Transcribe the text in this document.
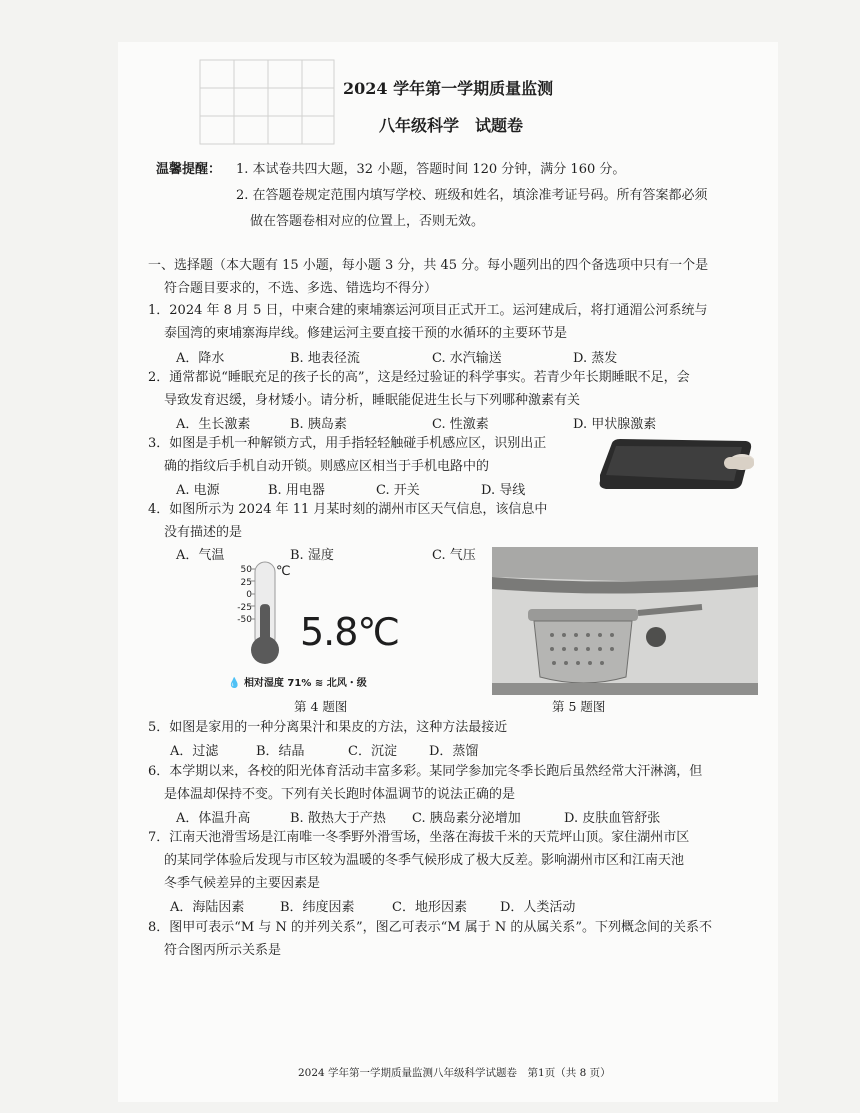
2024 学年第一学期质量监测
八年级科学　试题卷
温馨提醒： 1. 本试卷共四大题，32 小题，答题时间 120 分钟，满分 160 分。
2. 在答题卷规定范围内填写学校、班级和姓名，填涂准考证号码。所有答案都必须
做在答题卷相对应的位置上，否则无效。
一、选择题（本大题有 15 小题，每小题 3 分，共 45 分。每小题列出的四个备选项中只有一个是
符合题目要求的，不选、多选、错选均不得分）
1．2024 年 8 月 5 日，中柬合建的柬埔寨运河项目正式开工。运河建成后，将打通湄公河系统与
泰国湾的柬埔寨海岸线。修建运河主要直接干预的水循环的主要环节是
A．降水	B. 地表径流	C. 水汽输送	D. 蒸发
2．通常都说“睡眠充足的孩子长的高”，这是经过验证的科学事实。若青少年长期睡眠不足，会
导致发育迟缓，身材矮小。请分析，睡眠能促进生长与下列哪种激素有关
A．生长激素	B. 胰岛素	C. 性激素	D. 甲状腺激素
3．如图是手机一种解锁方式，用手指轻轻触碰手机感应区，识别出正
确的指纹后手机自动开锁。则感应区相当于手机电路中的
A. 电源	B. 用电器	C. 开关	D. 导线
4．如图所示为 2024 年 11 月某时刻的湖州市区天气信息，该信息中
没有描述的是
A．气温	B. 湿度	C. 气压
50
25
0
-25
-50
℃
5.8℃
💧 相对湿度 71% ≋ 北风・级
第 4 题图	第 5 题图
5．如图是家用的一种分离果汁和果皮的方法，这种方法最接近
A．过滤	B．结晶	C．沉淀 D．蒸馏
6．本学期以来，各校的阳光体育活动丰富多彩。某同学参加完冬季长跑后虽然经常大汗淋漓，但
是体温却保持不变。下列有关长跑时体温调节的说法正确的是
A．体温升高	B. 散热大于产热 C. 胰岛素分泌增加	D. 皮肤血管舒张
7．江南天池滑雪场是江南唯一冬季野外滑雪场，坐落在海拔千米的天荒坪山顶。家住湖州市区
的某同学体验后发现与市区较为温暖的冬季气候形成了极大反差。影响湖州市区和江南天池
冬季气候差异的主要因素是
A．海陆因素	B．纬度因素	C．地形因素	D．人类活动
8．图甲可表示“M 与 N 的并列关系”，图乙可表示“M 属于 N 的从属关系”。下列概念间的关系不
符合图丙所示关系是
2024 学年第一学期质量监测八年级科学试题卷　第1页（共 8 页）
